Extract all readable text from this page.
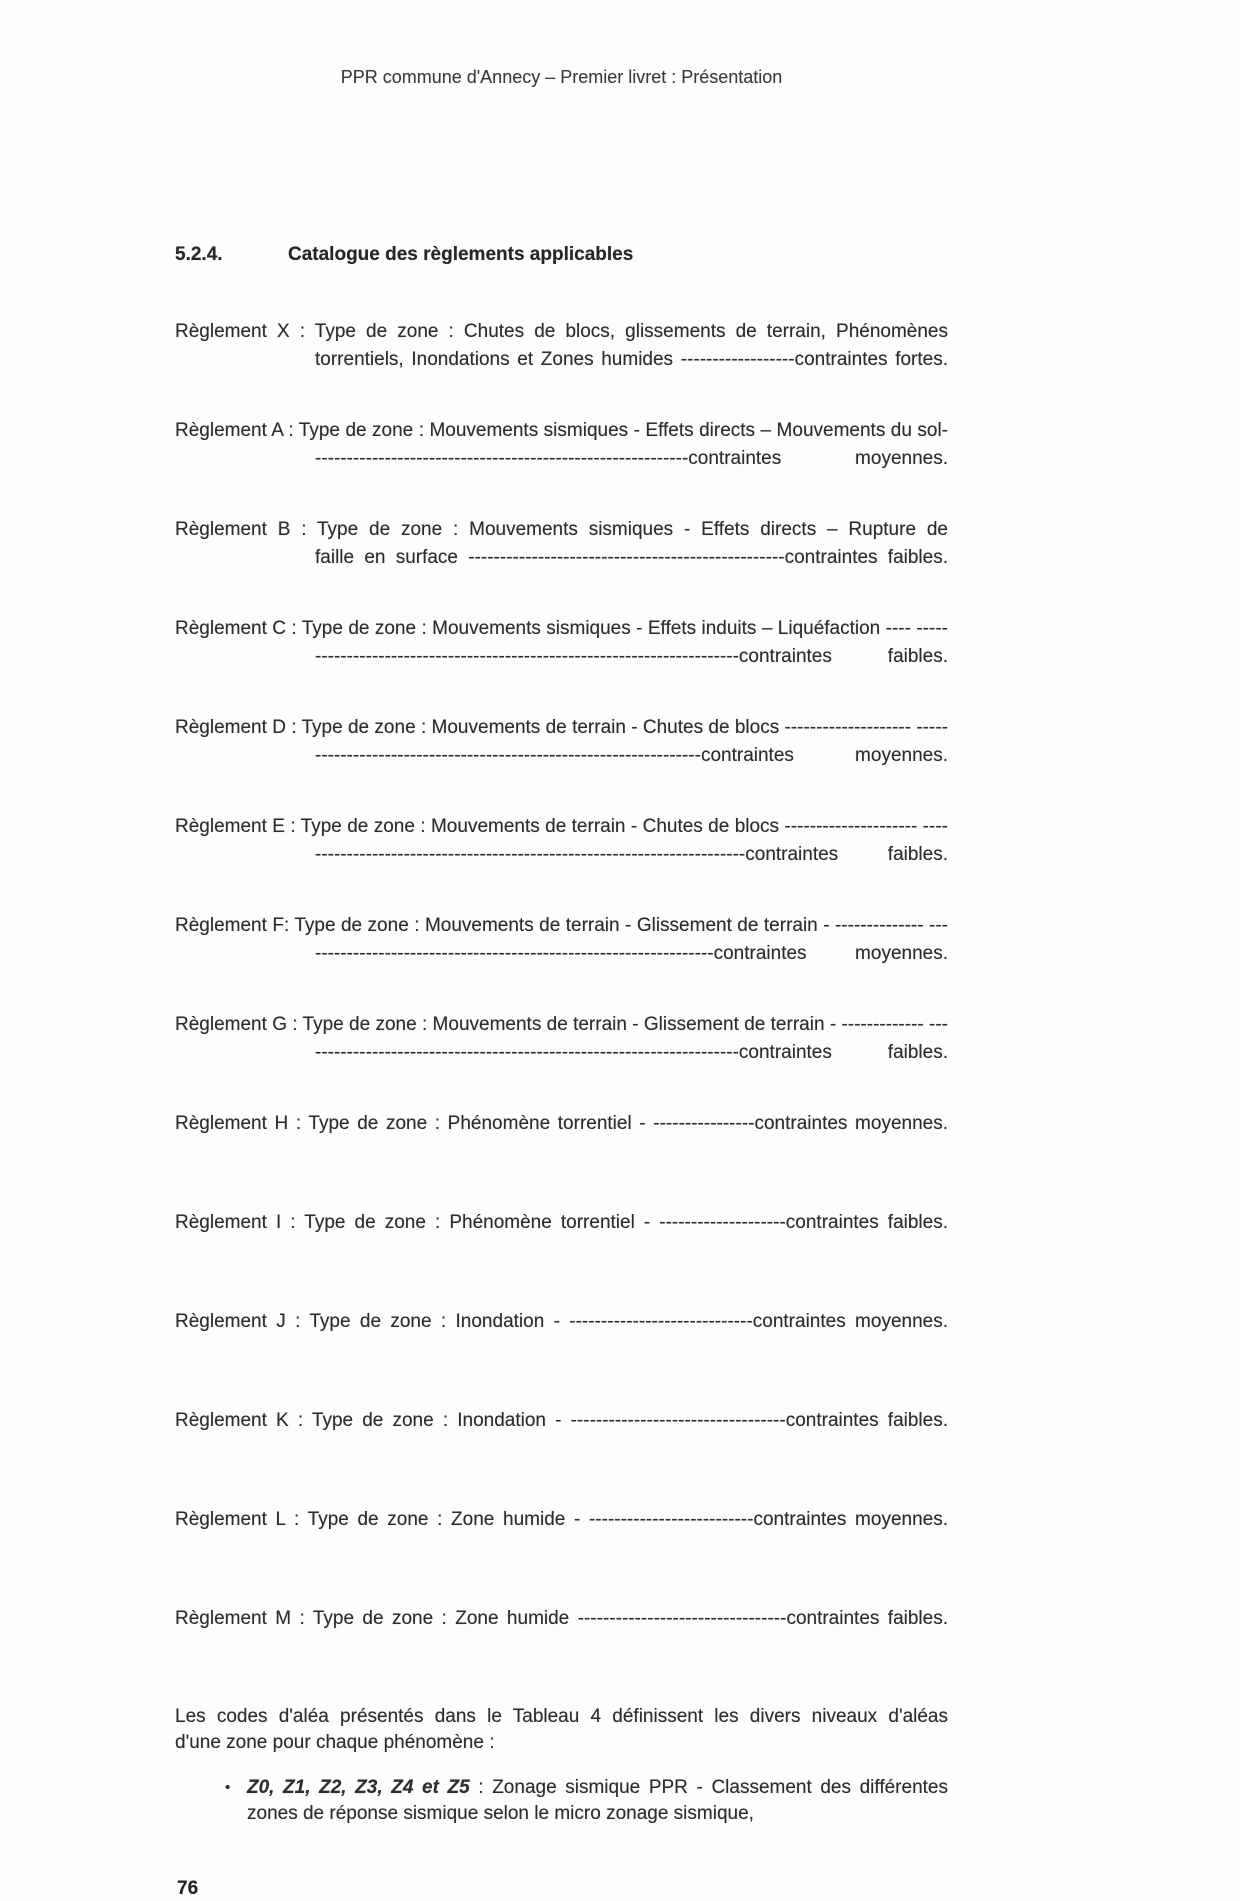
PPR commune d'Annecy – Premier livret : Présentation
5.2.4.	Catalogue des règlements applicables

Règlement X : Type de zone : Chutes de blocs, glissements de terrain, Phénomènes torrentiels, Inondations et Zones humides ------------------contraintes fortes.

Règlement A : Type de zone : Mouvements sismiques - Effets directs – Mouvements du sol------------------------------------------------------------contraintes moyennes.

Règlement B : Type de zone : Mouvements sismiques - Effets directs – Rupture de faille en surface --------------------------------------------------contraintes faibles.

Règlement C : Type de zone : Mouvements sismiques - Effets induits – Liquéfaction ---- ------------------------------------------------------------------------contraintes faibles.

Règlement D : Type de zone : Mouvements de terrain - Chutes de blocs -------------------- ------------------------------------------------------------------contraintes moyennes.

Règlement E : Type de zone : Mouvements de terrain - Chutes de blocs --------------------- ------------------------------------------------------------------------contraintes faibles.

Règlement F: Type de zone : Mouvements de terrain - Glissement de terrain - -------------- ------------------------------------------------------------------contraintes moyennes.

Règlement G : Type de zone : Mouvements de terrain - Glissement de terrain - ------------- ----------------------------------------------------------------------contraintes faibles.

Règlement H : Type de zone : Phénomène torrentiel - ----------------contraintes moyennes.

Règlement I : Type de zone : Phénomène torrentiel - --------------------contraintes faibles.

Règlement J : Type de zone : Inondation - -----------------------------contraintes moyennes.

Règlement K : Type de zone : Inondation - ----------------------------------contraintes faibles.

Règlement L : Type de zone : Zone humide - --------------------------contraintes moyennes.

Règlement M : Type de zone : Zone humide ---------------------------------contraintes faibles.

Les codes d'aléa présentés dans le Tableau 4 définissent les divers niveaux d'aléas d'une zone pour chaque phénomène :

• Z0, Z1, Z2, Z3, Z4 et Z5 : Zonage sismique PPR - Classement des différentes zones de réponse sismique selon le micro zonage sismique,
76
